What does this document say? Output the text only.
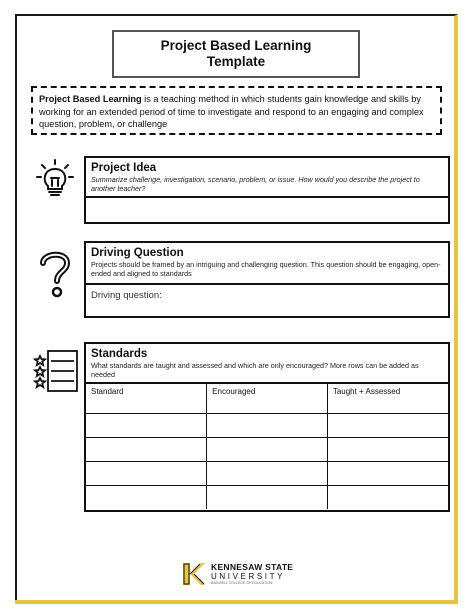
Project Based Learning
Template
Project Based Learning is a teaching method in which students gain knowledge and skills by working for an extended period of time to investigate and respond to an engaging and complex question, problem, or challenge
Project Idea
Summarize challenge, investigation, scenario, problem, or issue. How would you describe the project to another teacher?
Driving Question
Projects should be framed by an intriguing and challenging question. This question should be engaging, open-ended and aligned to standards
Driving question:
Standards
What standards are taught and assessed and which are only encouraged? More rows can be added as needed
Standard	Encouraged	Taught + Assessed

KENNESAW STATE
UNIVERSITY
BAGWELL COLLEGE OF EDUCATION
